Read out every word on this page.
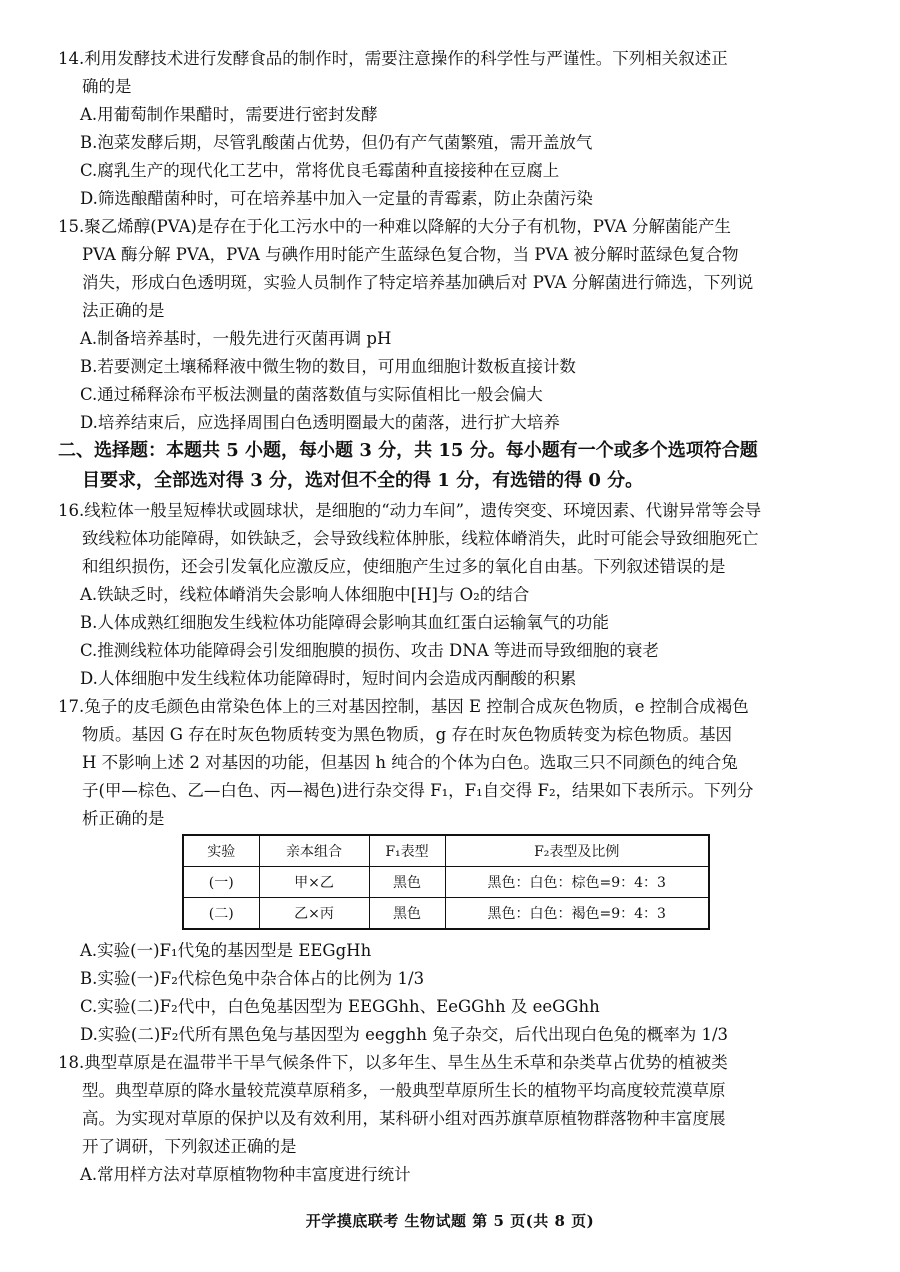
14.利用发酵技术进行发酵食品的制作时，需要注意操作的科学性与严谨性。下列相关叙述正
确的是
A.用葡萄制作果醋时，需要进行密封发酵
B.泡菜发酵后期，尽管乳酸菌占优势，但仍有产气菌繁殖，需开盖放气
C.腐乳生产的现代化工艺中，常将优良毛霉菌种直接接种在豆腐上
D.筛选酿醋菌种时，可在培养基中加入一定量的青霉素，防止杂菌污染
15.聚乙烯醇(PVA)是存在于化工污水中的一种难以降解的大分子有机物，PVA 分解菌能产生
PVA 酶分解 PVA，PVA 与碘作用时能产生蓝绿色复合物，当 PVA 被分解时蓝绿色复合物
消失，形成白色透明斑，实验人员制作了特定培养基加碘后对 PVA 分解菌进行筛选，下列说
法正确的是
A.制备培养基时，一般先进行灭菌再调 pH
B.若要测定土壤稀释液中微生物的数目，可用血细胞计数板直接计数
C.通过稀释涂布平板法测量的菌落数值与实际值相比一般会偏大
D.培养结束后，应选择周围白色透明圈最大的菌落，进行扩大培养
二、选择题：本题共 5 小题，每小题 3 分，共 15 分。每小题有一个或多个选项符合题
目要求，全部选对得 3 分，选对但不全的得 1 分，有选错的得 0 分。
16.线粒体一般呈短棒状或圆球状，是细胞的“动力车间”，遗传突变、环境因素、代谢异常等会导
致线粒体功能障碍，如铁缺乏，会导致线粒体肿胀，线粒体嵴消失，此时可能会导致细胞死亡
和组织损伤，还会引发氧化应激反应，使细胞产生过多的氧化自由基。下列叙述错误的是
A.铁缺乏时，线粒体嵴消失会影响人体细胞中[H]与 O₂的结合
B.人体成熟红细胞发生线粒体功能障碍会影响其血红蛋白运输氧气的功能
C.推测线粒体功能障碍会引发细胞膜的损伤、攻击 DNA 等进而导致细胞的衰老
D.人体细胞中发生线粒体功能障碍时，短时间内会造成丙酮酸的积累
17.兔子的皮毛颜色由常染色体上的三对基因控制，基因 E 控制合成灰色物质，e 控制合成褐色
物质。基因 G 存在时灰色物质转变为黑色物质，g 存在时灰色物质转变为棕色物质。基因
H 不影响上述 2 对基因的功能，但基因 h 纯合的个体为白色。选取三只不同颜色的纯合兔
子(甲—棕色、乙—白色、丙—褐色)进行杂交得 F₁，F₁自交得 F₂，结果如下表所示。下列分
析正确的是
实验	亲本组合	F₁表型	F₂表型及比例
(一)	甲×乙	黑色	黑色：白色：棕色=9：4：3
(二)	乙×丙	黑色	黑色：白色：褐色=9：4：3
A.实验(一)F₁代兔的基因型是 EEGgHh
B.实验(一)F₂代棕色兔中杂合体占的比例为 1/3
C.实验(二)F₂代中，白色兔基因型为 EEGGhh、EeGGhh 及 eeGGhh
D.实验(二)F₂代所有黑色兔与基因型为 eegghh 兔子杂交，后代出现白色兔的概率为 1/3
18.典型草原是在温带半干旱气候条件下，以多年生、旱生丛生禾草和杂类草占优势的植被类
型。典型草原的降水量较荒漠草原稍多，一般典型草原所生长的植物平均高度较荒漠草原
高。为实现对草原的保护以及有效利用，某科研小组对西苏旗草原植物群落物种丰富度展
开了调研，下列叙述正确的是
A.常用样方法对草原植物物种丰富度进行统计
开学摸底联考 生物试题 第 5 页(共 8 页)
